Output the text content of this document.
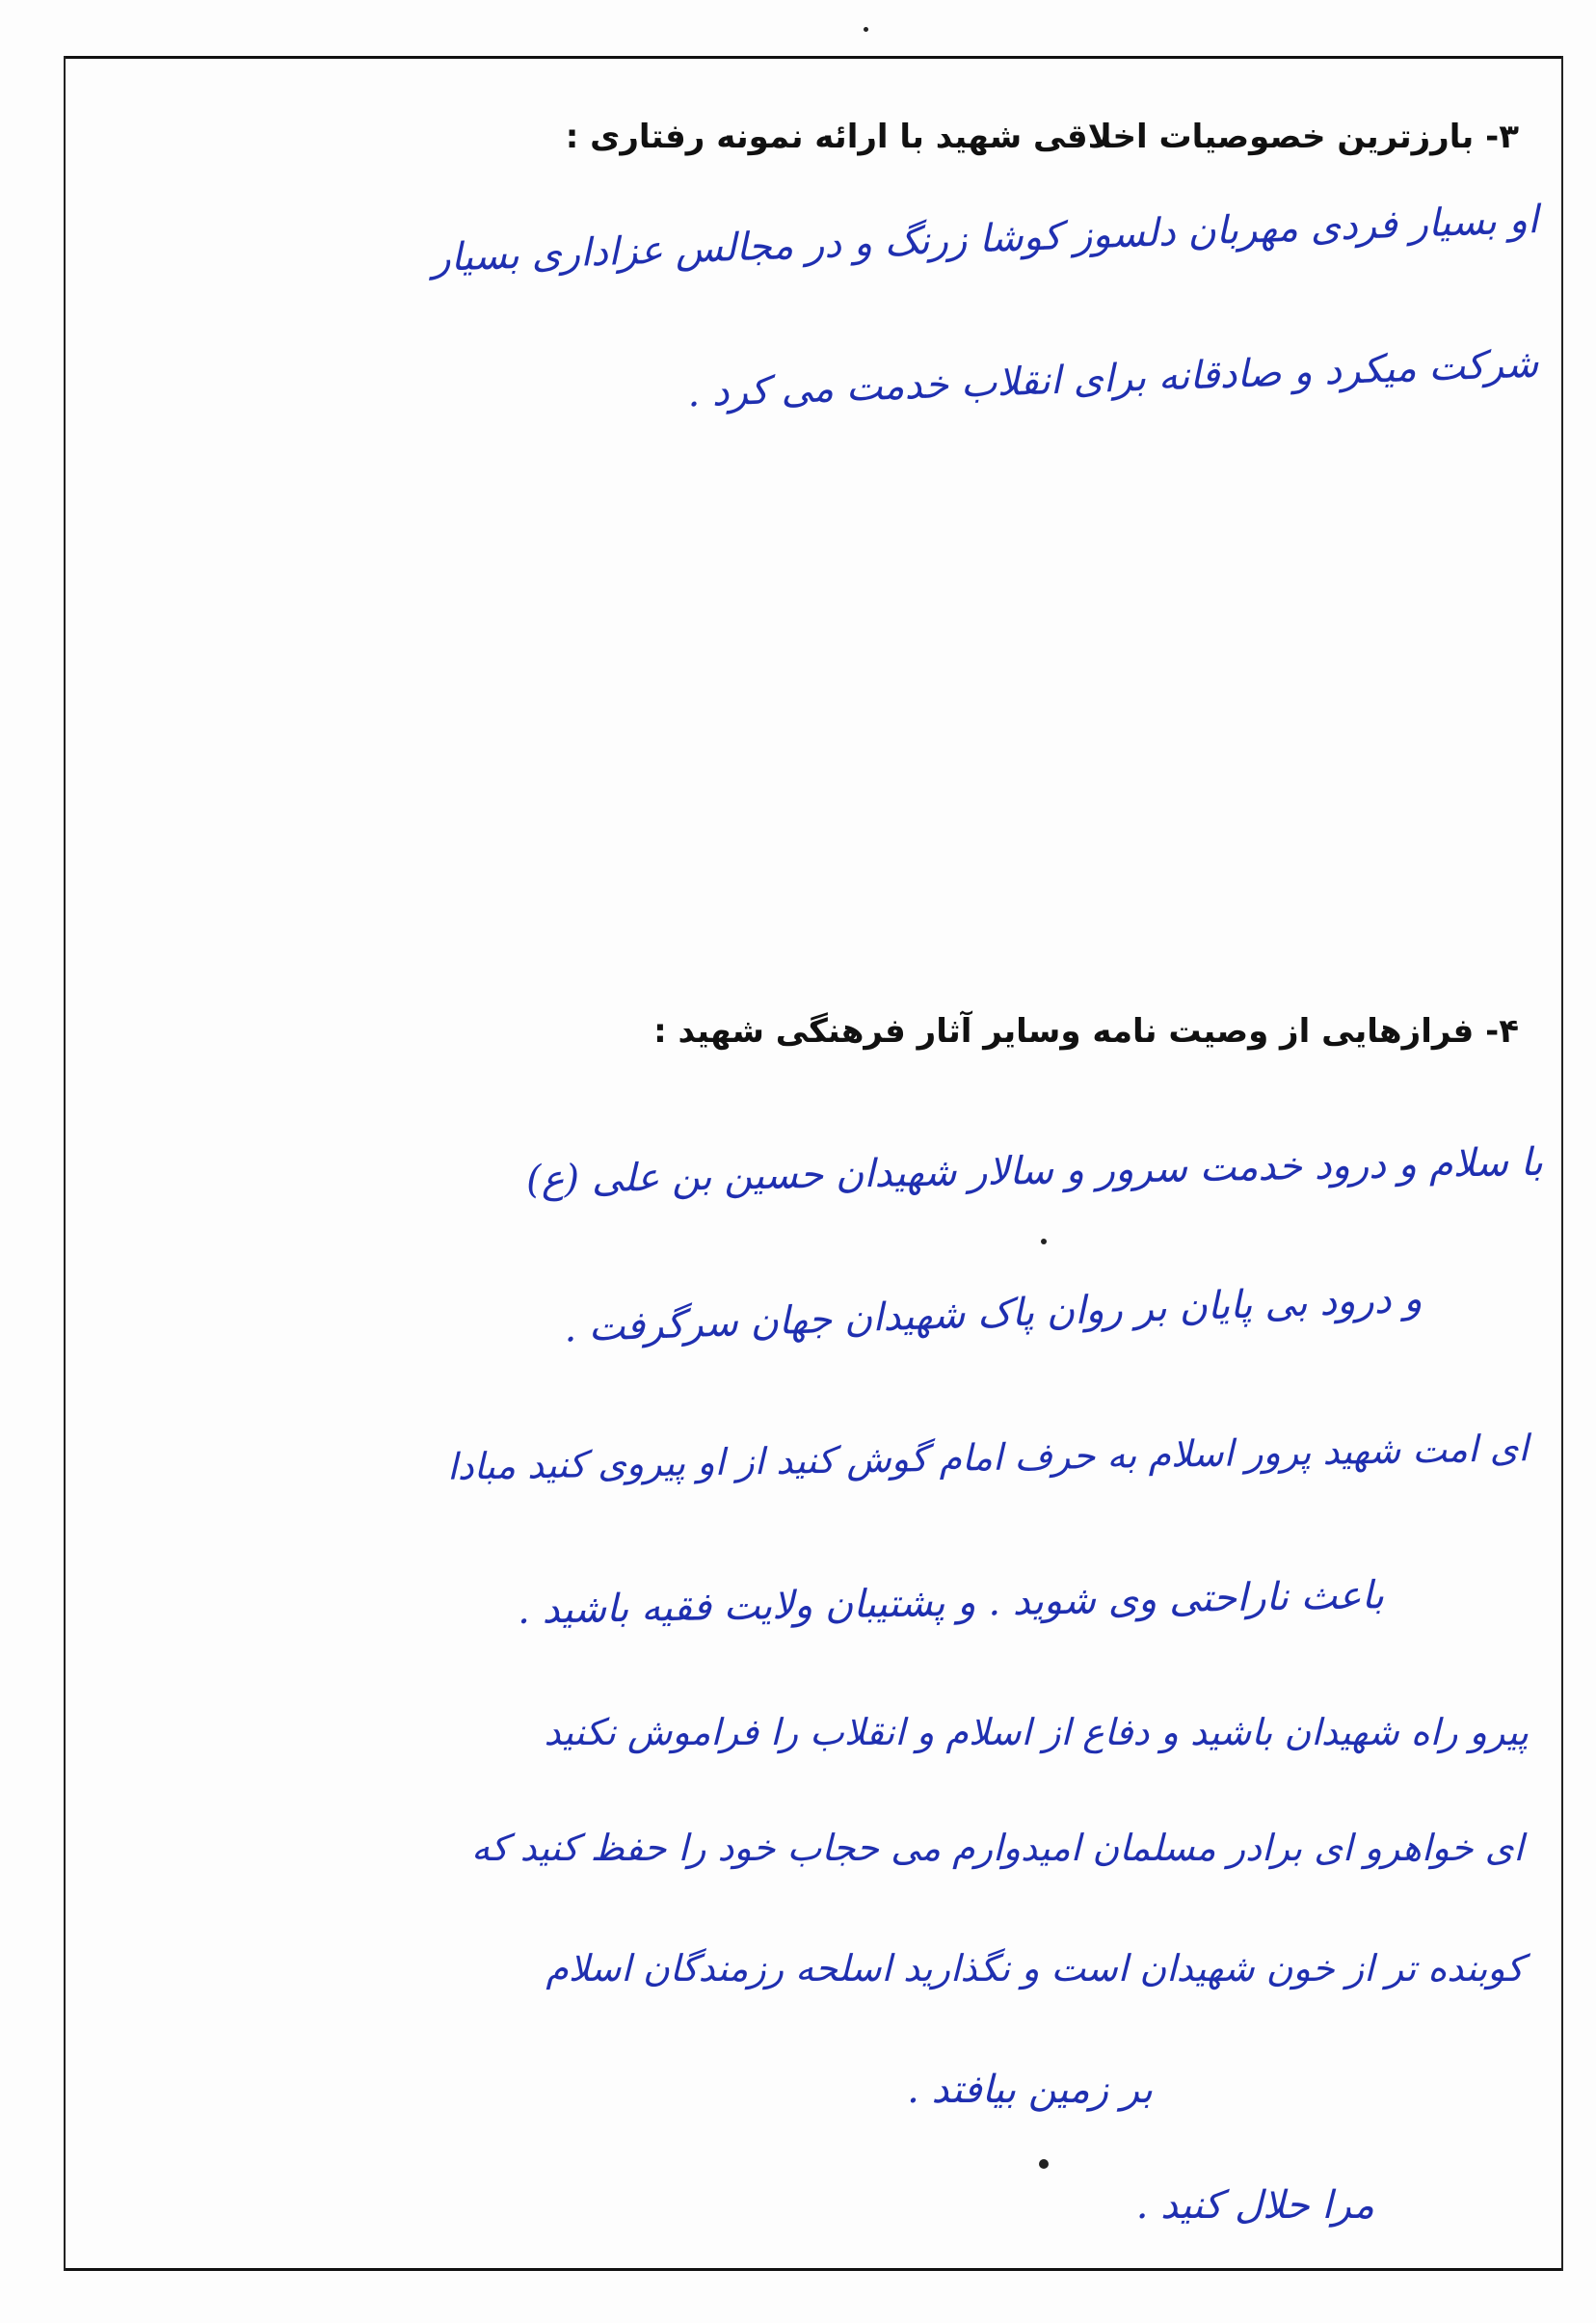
۳- بارزترین خصوصیات اخلاقی شهید با ارائه نمونه رفتاری :
او بسیار فردی مهربان دلسوز کوشا زرنگ و در مجالس عزاداری بسیار
شرکت میکرد و صادقانه برای انقلاب خدمت می کرد .
۴- فرازهایی از وصیت نامه وسایر آثار فرهنگی شهید :
با سلام و درود خدمت سرور و سالار شهیدان حسین بن علی (ع)
و درود بی پایان بر روان پاک شهیدان جهان سرگرفت .
ای امت شهید پرور اسلام به حرف امام گوش کنید از او پیروی کنید مبادا
باعث ناراحتی وی شوید . و پشتیبان ولایت فقیه باشید .
پیرو راه شهیدان باشید و دفاع از اسلام و انقلاب را فراموش نکنید
ای خواهرو ای برادر مسلمان امیدوارم می حجاب خود را حفظ کنید که
کوبنده تر از خون شهیدان است و نگذارید اسلحه رزمندگان اسلام
بر زمین بیافتد .
مرا حلال کنید .
